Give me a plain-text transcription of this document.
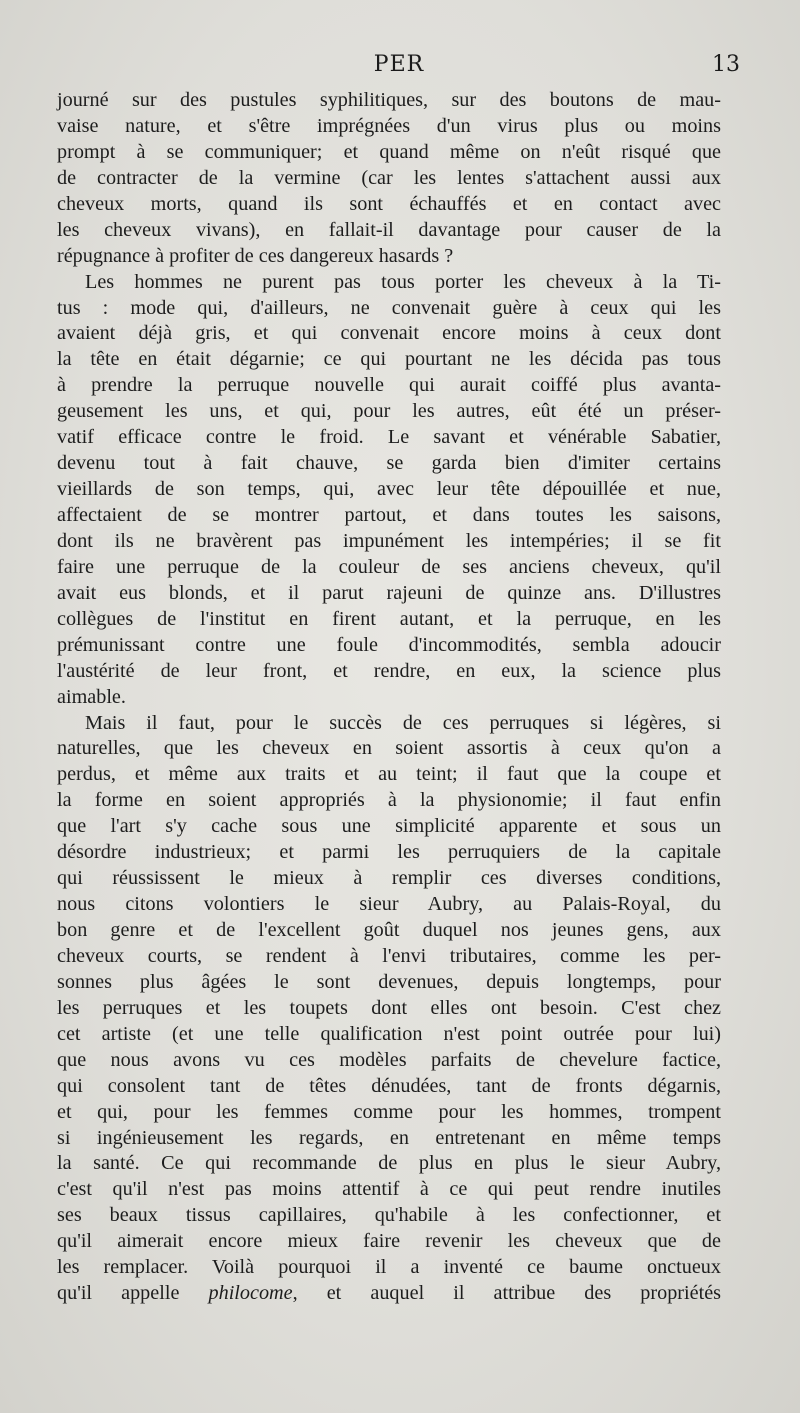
PER	13
journé sur des pustules syphilitiques, sur des boutons de mau-
vaise nature, et s'être imprégnées d'un virus plus ou moins
prompt à se communiquer; et quand même on n'eût risqué que
de contracter de la vermine (car les lentes s'attachent aussi aux
cheveux morts, quand ils sont échauffés et en contact avec
les cheveux vivans), en fallait-il davantage pour causer de la
répugnance à profiter de ces dangereux hasards ?
Les hommes ne purent pas tous porter les cheveux à la Ti-
tus : mode qui, d'ailleurs, ne convenait guère à ceux qui les
avaient déjà gris, et qui convenait encore moins à ceux dont
la tête en était dégarnie; ce qui pourtant ne les décida pas tous
à prendre la perruque nouvelle qui aurait coiffé plus avanta-
geusement les uns, et qui, pour les autres, eût été un préser-
vatif efficace contre le froid. Le savant et vénérable Sabatier,
devenu tout à fait chauve, se garda bien d'imiter certains
vieillards de son temps, qui, avec leur tête dépouillée et nue,
affectaient de se montrer partout, et dans toutes les saisons,
dont ils ne bravèrent pas impunément les intempéries; il se fit
faire une perruque de la couleur de ses anciens cheveux, qu'il
avait eus blonds, et il parut rajeuni de quinze ans. D'illustres
collègues de l'institut en firent autant, et la perruque, en les
prémunissant contre une foule d'incommodités, sembla adoucir
l'austérité de leur front, et rendre, en eux, la science plus
aimable.
Mais il faut, pour le succès de ces perruques si légères, si
naturelles, que les cheveux en soient assortis à ceux qu'on a
perdus, et même aux traits et au teint; il faut que la coupe et
la forme en soient appropriés à la physionomie; il faut enfin
que l'art s'y cache sous une simplicité apparente et sous un
désordre industrieux; et parmi les perruquiers de la capitale
qui réussissent le mieux à remplir ces diverses conditions,
nous citons volontiers le sieur Aubry, au Palais-Royal, du
bon genre et de l'excellent goût duquel nos jeunes gens, aux
cheveux courts, se rendent à l'envi tributaires, comme les per-
sonnes plus âgées le sont devenues, depuis longtemps, pour
les perruques et les toupets dont elles ont besoin. C'est chez
cet artiste (et une telle qualification n'est point outrée pour lui)
que nous avons vu ces modèles parfaits de chevelure factice,
qui consolent tant de têtes dénudées, tant de fronts dégarnis,
et qui, pour les femmes comme pour les hommes, trompent
si ingénieusement les regards, en entretenant en même temps
la santé. Ce qui recommande de plus en plus le sieur Aubry,
c'est qu'il n'est pas moins attentif à ce qui peut rendre inutiles
ses beaux tissus capillaires, qu'habile à les confectionner, et
qu'il aimerait encore mieux faire revenir les cheveux que de
les remplacer. Voilà pourquoi il a inventé ce baume onctueux
qu'il appelle philocome, et auquel il attribue des propriétés
